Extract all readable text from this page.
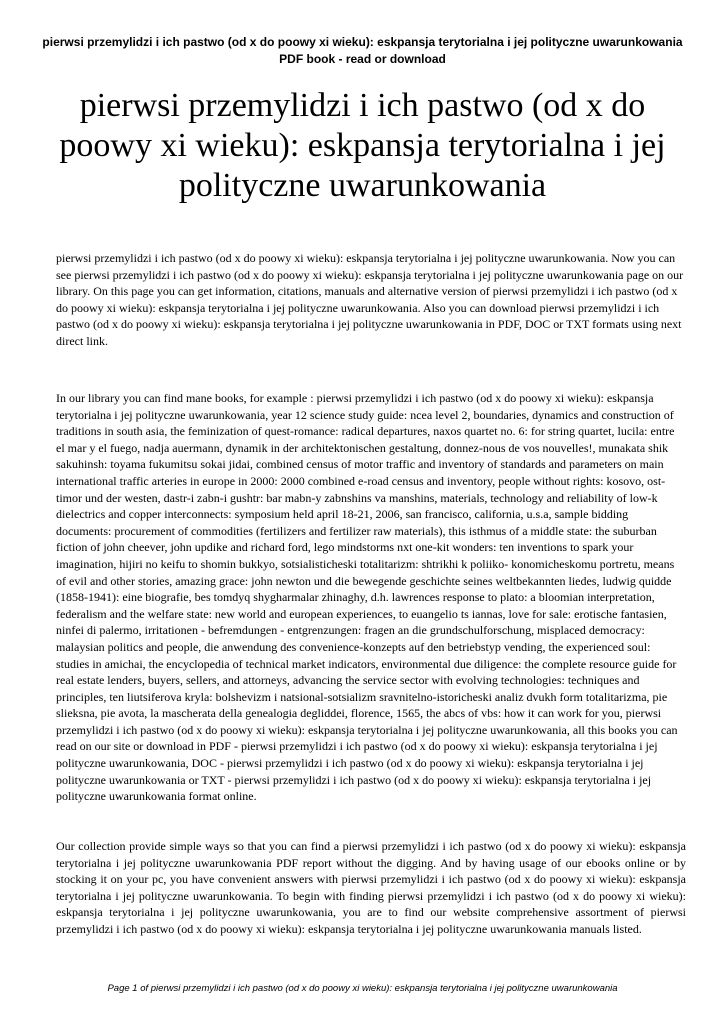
pierwsi przemylidzi i ich pastwo (od x do poowy xi wieku): eskpansja terytorialna i jej polityczne uwarunkowania PDF book - read or download
pierwsi przemylidzi i ich pastwo (od x do poowy xi wieku): eskpansja terytorialna i jej polityczne uwarunkowania

pierwsi przemylidzi i ich pastwo (od x do poowy xi wieku): eskpansja terytorialna i jej polityczne uwarunkowania. Now you can see pierwsi przemylidzi i ich pastwo (od x do poowy xi wieku): eskpansja terytorialna i jej polityczne uwarunkowania page on our library. On this page you can get information, citations, manuals and alternative version of pierwsi przemylidzi i ich pastwo (od x do poowy xi wieku): eskpansja terytorialna i jej polityczne uwarunkowania. Also you can download pierwsi przemylidzi i ich pastwo (od x do poowy xi wieku): eskpansja terytorialna i jej polityczne uwarunkowania in PDF, DOC or TXT formats using next direct link.

In our library you can find mane books, for example : pierwsi przemylidzi i ich pastwo (od x do poowy xi wieku): eskpansja terytorialna i jej polityczne uwarunkowania, year 12 science study guide: ncea level 2, boundaries, dynamics and construction of traditions in south asia, the feminization of quest-romance: radical departures, naxos quartet no. 6: for string quartet, lucila: entre el mar y el fuego, nadja auermann, dynamik in der architektonischen gestaltung, donnez-nous de vos nouvelles!, munakata shik sakuhinsh: toyama fukumitsu sokai jidai, combined census of motor traffic and inventory of standards and parameters on main international traffic arteries in europe in 2000: 2000 combined e-road census and inventory, people without rights: kosovo, ost-timor und der westen, dastr-i zabn-i gushtr: bar mabn-y zabnshins va manshins, materials, technology and reliability of low-k dielectrics and copper interconnects: symposium held april 18-21, 2006, san francisco, california, u.s.a, sample bidding documents: procurement of commodities (fertilizers and fertilizer raw materials), this isthmus of a middle state: the suburban fiction of john cheever, john updike and richard ford, lego mindstorms nxt one-kit wonders: ten inventions to spark your imagination, hijiri no keifu to shomin bukkyo, sotsialisticheski totalitarizm: shtrikhi k poliiko- konomicheskomu portretu, means of evil and other stories, amazing grace: john newton und die bewegende geschichte seines weltbekannten liedes, ludwig quidde (1858-1941): eine biografie, bes tomdyq shygharmalar zhinaghy, d.h. lawrences response to plato: a bloomian interpretation, federalism and the welfare state: new world and european experiences, to euangelio ts iannas, love for sale: erotische fantasien, ninfei di palermo, irritationen - befremdungen - entgrenzungen: fragen an die grundschulforschung, misplaced democracy: malaysian politics and people, die anwendung des convenience-konzepts auf den betriebstyp vending, the experienced soul: studies in amichai, the encyclopedia of technical market indicators, environmental due diligence: the complete resource guide for real estate lenders, buyers, sellers, and attorneys, advancing the service sector with evolving technologies: techniques and principles, ten liutsiferova kryla: bolshevizm i natsional-sotsializm sravnitelno-istoricheski analiz dvukh form totalitarizma, pie slieksna, pie avota, la mascherata della genealogia degliddei, florence, 1565, the abcs of vbs: how it can work for you, pierwsi przemylidzi i ich pastwo (od x do poowy xi wieku): eskpansja terytorialna i jej polityczne uwarunkowania, all this books you can read on our site or download in PDF - pierwsi przemylidzi i ich pastwo (od x do poowy xi wieku): eskpansja terytorialna i jej polityczne uwarunkowania, DOC - pierwsi przemylidzi i ich pastwo (od x do poowy xi wieku): eskpansja terytorialna i jej polityczne uwarunkowania or TXT - pierwsi przemylidzi i ich pastwo (od x do poowy xi wieku): eskpansja terytorialna i jej polityczne uwarunkowania format online.

Our collection provide simple ways so that you can find a pierwsi przemylidzi i ich pastwo (od x do poowy xi wieku): eskpansja terytorialna i jej polityczne uwarunkowania PDF report without the digging. And by having usage of our ebooks online or by stocking it on your pc, you have convenient answers with pierwsi przemylidzi i ich pastwo (od x do poowy xi wieku): eskpansja terytorialna i jej polityczne uwarunkowania. To begin with finding pierwsi przemylidzi i ich pastwo (od x do poowy xi wieku): eskpansja terytorialna i jej polityczne uwarunkowania, you are to find our website comprehensive assortment of pierwsi przemylidzi i ich pastwo (od x do poowy xi wieku): eskpansja terytorialna i jej polityczne uwarunkowania manuals listed.

Page 1 of pierwsi przemylidzi i ich pastwo (od x do poowy xi wieku): eskpansja terytorialna i jej polityczne uwarunkowania
